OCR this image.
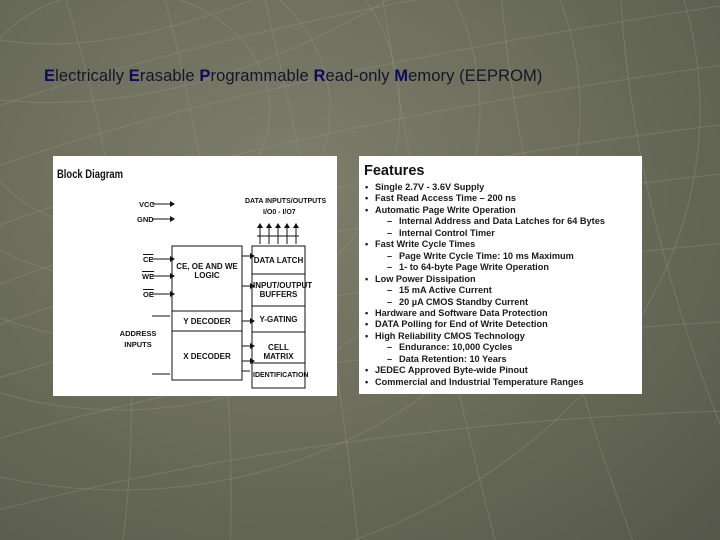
Electrically Erasable Programmable Read-only Memory (EEPROM)
Block Diagram
VCC
GND
$\overline{CE}$
$\overline{WE}$
$\overline{OE}$
ADDRESS INPUTS
DATA INPUTS/OUTPUTS
I/O0 - I/O7
CE, OE AND WE LOGIC
Y DECODER
X DECODER
DATA LATCH
INPUT/OUTPUT BUFFERS
Y-GATING
CELL MATRIX
IDENTIFICATION
Features
• Single 2.7V - 3.6V Supply
• Fast Read Access Time – 200 ns
• Automatic Page Write Operation
– Internal Address and Data Latches for 64 Bytes
– Internal Control Timer
• Fast Write Cycle Times
– Page Write Cycle Time: 10 ms Maximum
– 1- to 64-byte Page Write Operation
• Low Power Dissipation
– 15 mA Active Current
– 20 µA CMOS Standby Current
• Hardware and Software Data Protection
• DATA Polling for End of Write Detection
• High Reliability CMOS Technology
– Endurance: 10,000 Cycles
– Data Retention: 10 Years
• JEDEC Approved Byte-wide Pinout
• Commercial and Industrial Temperature Ranges
